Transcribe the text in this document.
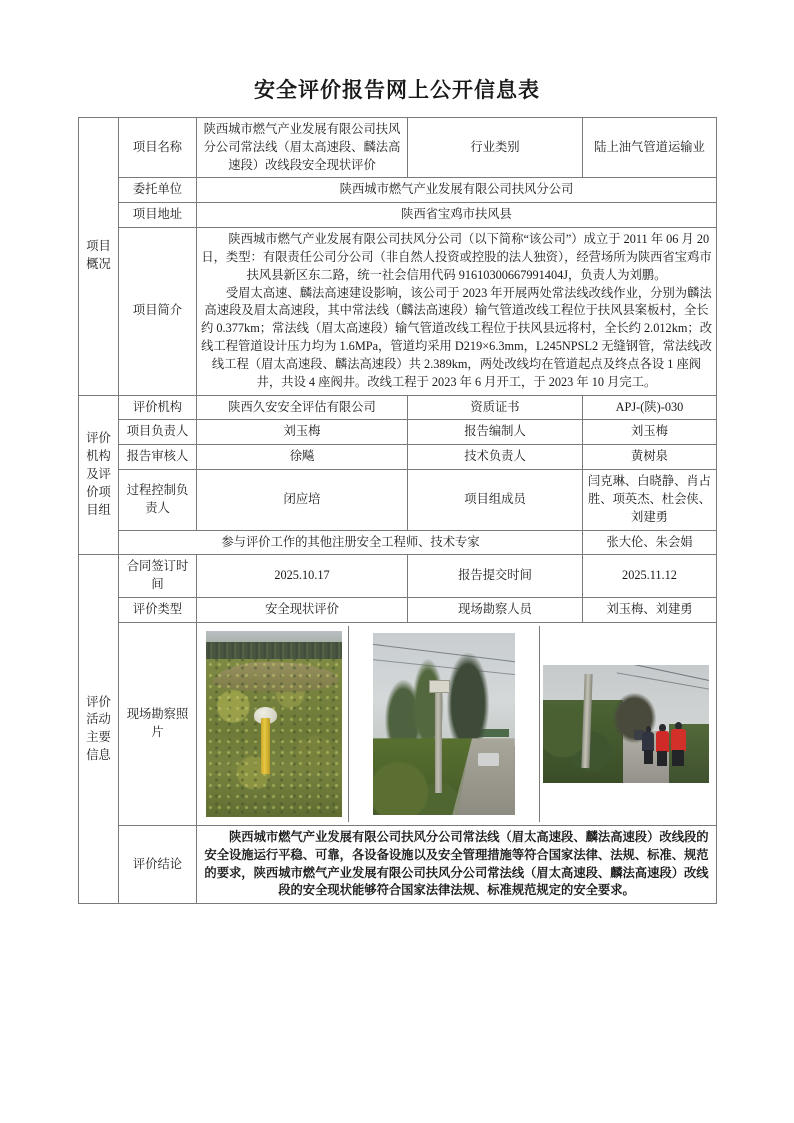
安全评价报告网上公开信息表
项目概况	项目名称	陕西城市燃气产业发展有限公司扶风分公司常法线（眉太高速段、麟法高速段）改线段安全现状评价	行业类别	陆上油气管道运输业
	委托单位	陕西城市燃气产业发展有限公司扶风分公司		
	项目地址	陕西省宝鸡市扶风县		
	项目简介	陕西城市燃气产业发展有限公司扶风分公司（以下简称“该公司”）成立于 2011 年 06 月 20 日，类型：有限责任公司分公司（非自然人投资或控股的法人独资），经营场所为陕西省宝鸡市扶风县新区东二路，统一社会信用代码 91610300667991404J，负责人为刘鹏。

受眉太高速、麟法高速建设影响，该公司于 2023 年开展两处常法线改线作业，分别为麟法高速段及眉太高速段，其中常法线（麟法高速段）输气管道改线工程位于扶风县案板村，全长约 0.377km；常法线（眉太高速段）输气管道改线工程位于扶风县远将村，全长约 2.012km；改线工程管道设计压力均为 1.6MPa，管道均采用 D219×6.3mm，L245NPSL2 无缝钢管，常法线改线工程（眉太高速段、麟法高速段）共 2.389km，两处改线均在管道起点及终点各设 1 座阀井，共设 4 座阀井。改线工程于 2023 年 6 月开工，于 2023 年 10 月完工。		

评价机构及评价项目组	评价机构	陕西久安安全评估有限公司	资质证书	APJ-(陕)-030
	项目负责人	刘玉梅	报告编制人	刘玉梅
	报告审核人	徐飚	技术负责人	黄树泉
	过程控制负责人	闭应培	项目组成员	闫克琳、白晓静、肖占胜、项英杰、杜会侠、刘建勇
	参与评价工作的其他注册安全工程师、技术专家			张大伦、朱会娟
评价活动主要信息	合同签订时间	2025.10.17	报告提交时间	2025.11.12
	评价类型	安全现状评价	现场勘察人员	刘玉梅、刘建勇
	现场勘察照片			

	评价结论	陕西城市燃气产业发展有限公司扶风分公司常法线（眉太高速段、麟法高速段）改线段的安全设施运行平稳、可靠，各设备设施以及安全管理措施等符合国家法律、法规、标准、规范的要求，陕西城市燃气产业发展有限公司扶风分公司常法线（眉太高速段、麟法高速段）改线段的安全现状能够符合国家法律法规、标准规范规定的安全要求。		
